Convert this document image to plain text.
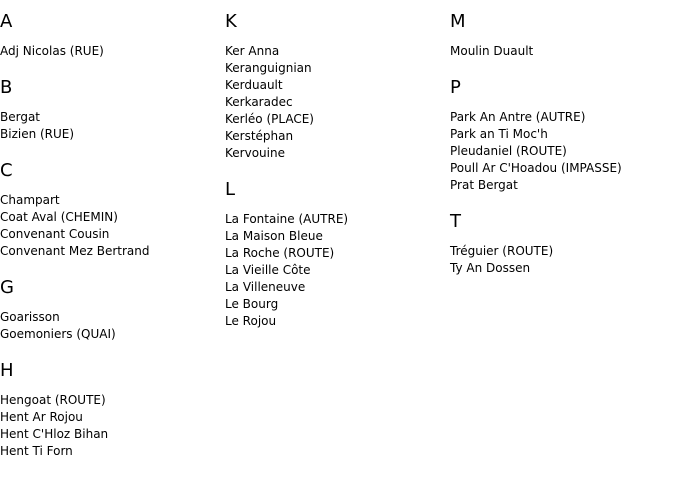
A
Adj Nicolas (RUE)
B
Bergat
Bizien (RUE)
C
Champart
Coat Aval (CHEMIN)
Convenant Cousin
Convenant Mez Bertrand
G
Goarisson
Goemoniers (QUAI)
H
Hengoat (ROUTE)
Hent Ar Rojou
Hent C'Hloz Bihan
Hent Ti Forn
K
Ker Anna
Keranguignian
Kerduault
Kerkaradec
Kerléo (PLACE)
Kerstéphan
Kervouine
L
La Fontaine (AUTRE)
La Maison Bleue
La Roche (ROUTE)
La Vieille Côte
La Villeneuve
Le Bourg
Le Rojou
M
Moulin Duault
P
Park An Antre (AUTRE)
Park an Ti Moc'h
Pleudaniel (ROUTE)
Poull Ar C'Hoadou (IMPASSE)
Prat Bergat
T
Tréguier (ROUTE)
Ty An Dossen
